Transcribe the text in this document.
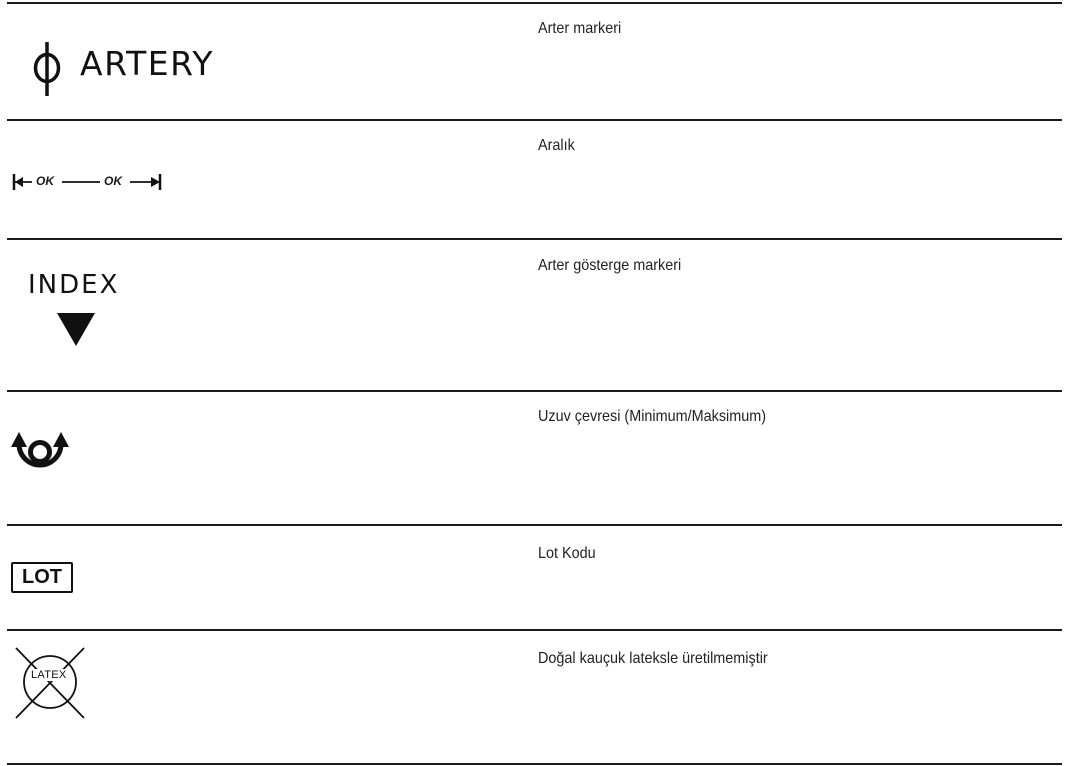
ARTERY
Arter markeri
OK	OK
Aralık
INDEX
Arter gösterge markeri
Uzuv çevresi (Minimum/Maksimum)
LOT
Lot Kodu
LATEX
Doğal kauçuk lateksle üretilmemiştir
